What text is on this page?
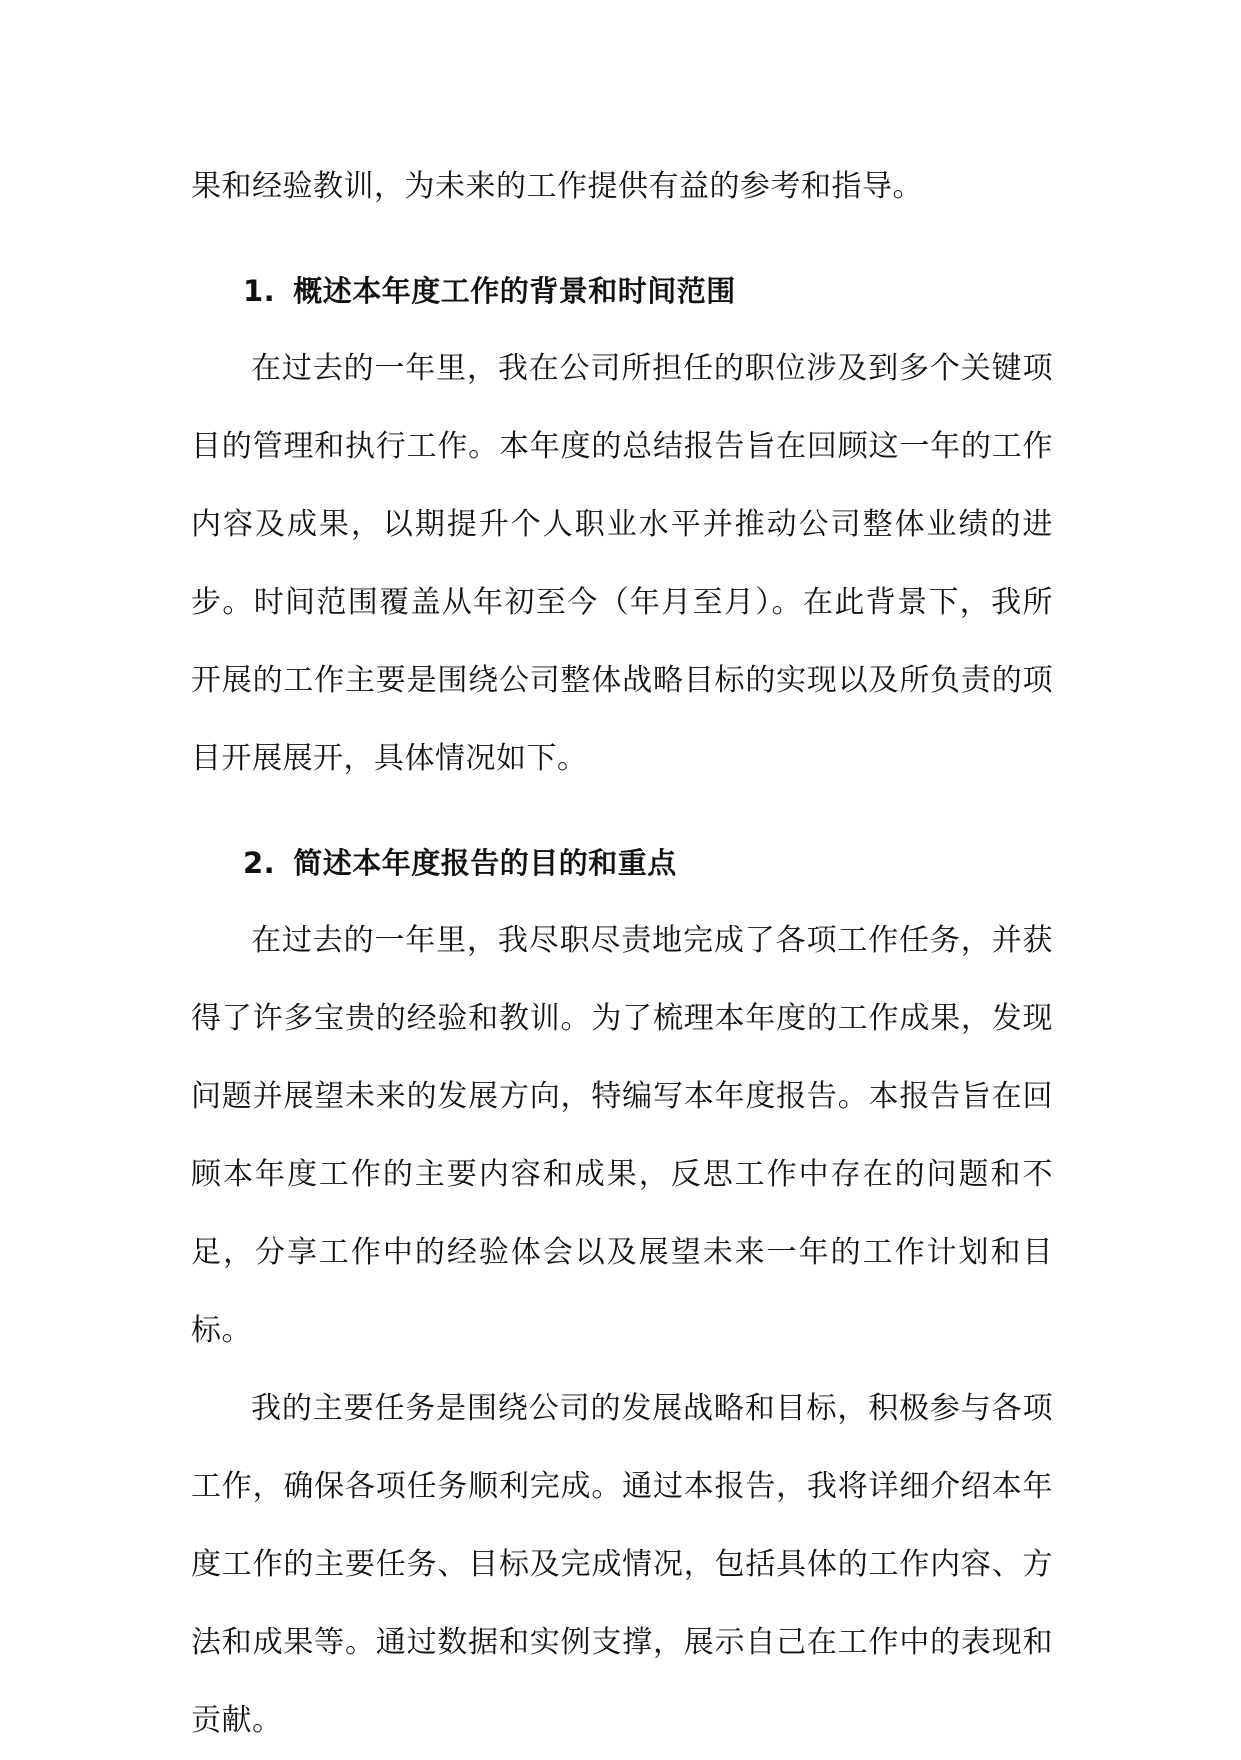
果和经验教训，为未来的工作提供有益的参考和指导。

1. 概述本年度工作的背景和时间范围

在过去的一年里，我在公司所担任的职位涉及到多个关键项目的管理和执行工作。本年度的总结报告旨在回顾这一年的工作内容及成果，以期提升个人职业水平并推动公司整体业绩的进步。时间范围覆盖从年初至今（年月至月）。在此背景下，我所开展的工作主要是围绕公司整体战略目标的实现以及所负责的项目开展展开，具体情况如下。

2. 简述本年度报告的目的和重点

在过去的一年里，我尽职尽责地完成了各项工作任务，并获得了许多宝贵的经验和教训。为了梳理本年度的工作成果，发现问题并展望未来的发展方向，特编写本年度报告。本报告旨在回顾本年度工作的主要内容和成果，反思工作中存在的问题和不足，分享工作中的经验体会以及展望未来一年的工作计划和目标。

我的主要任务是围绕公司的发展战略和目标，积极参与各项工作，确保各项任务顺利完成。通过本报告，我将详细介绍本年度工作的主要任务、目标及完成情况，包括具体的工作内容、方法和成果等。通过数据和实例支撑，展示自己在工作中的表现和贡献。
